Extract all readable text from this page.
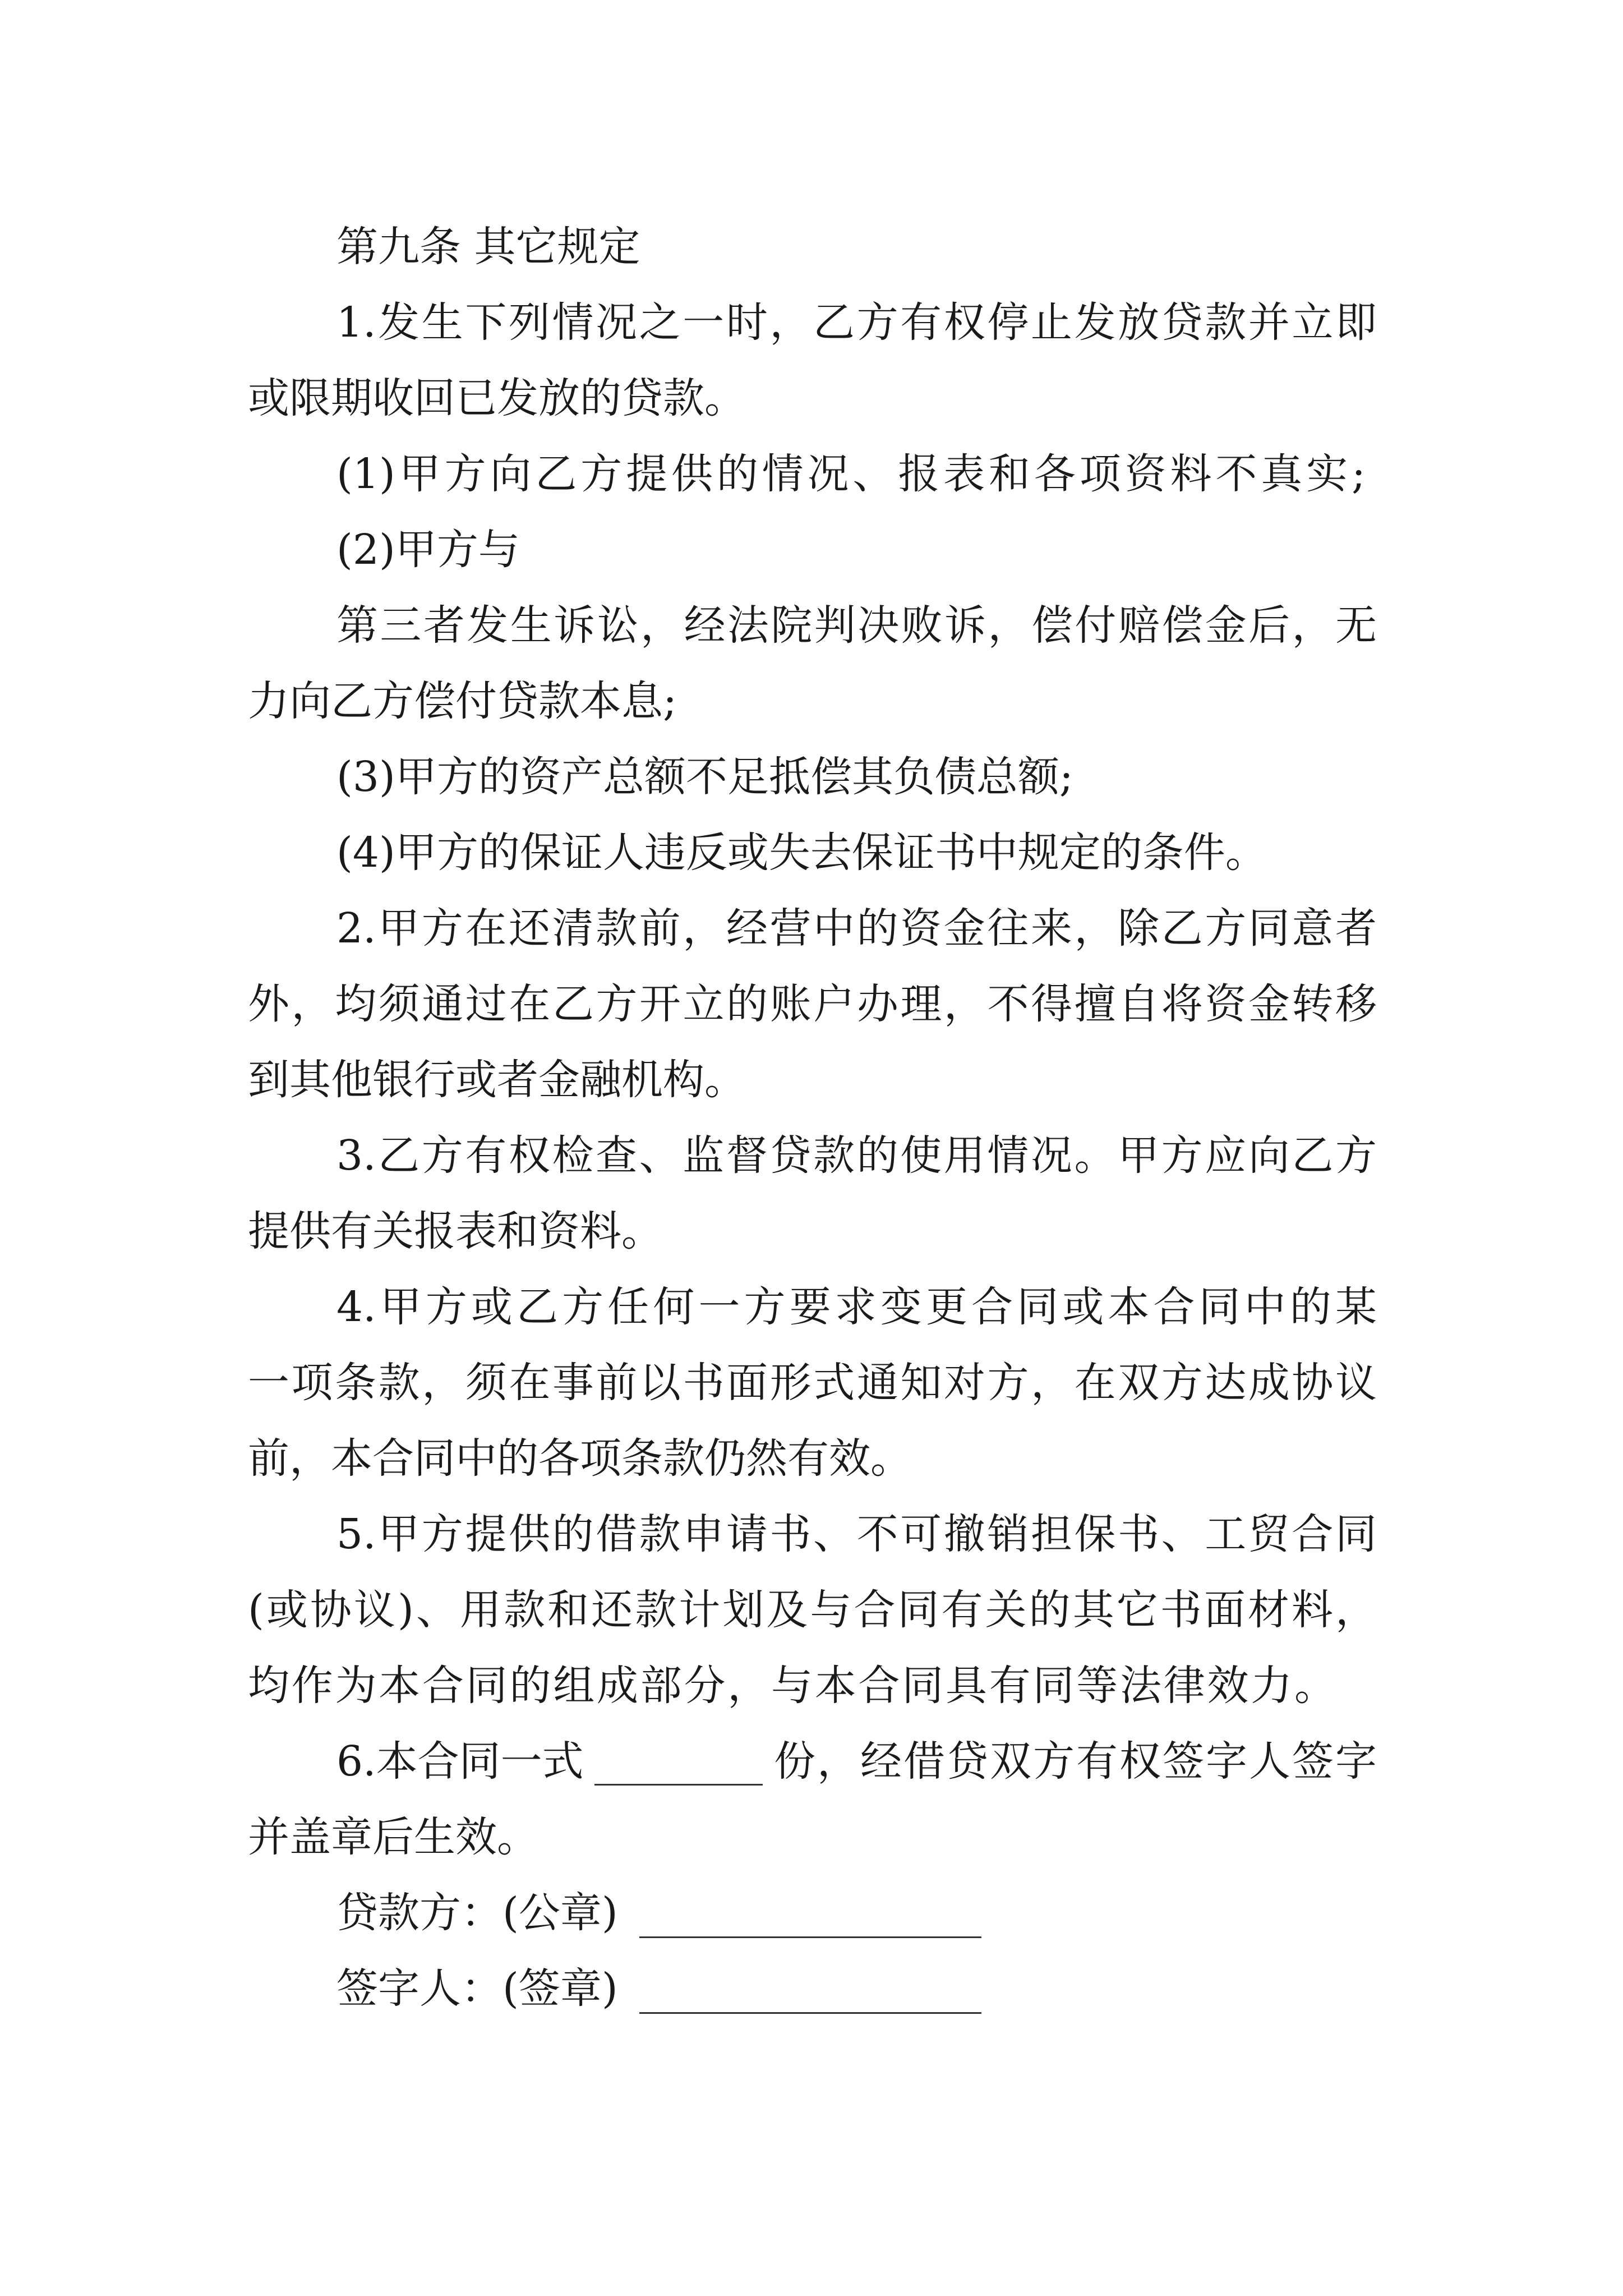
第九条 其它规定
1.发生下列情况之一时，乙方有权停止发放贷款并立即
或限期收回已发放的贷款。
(1)甲方向乙方提供的情况、报表和各项资料不真实;
(2)甲方与
第三者发生诉讼，经法院判决败诉，偿付赔偿金后，无
力向乙方偿付贷款本息;
(3)甲方的资产总额不足抵偿其负债总额;
(4)甲方的保证人违反或失去保证书中规定的条件。
2.甲方在还清款前，经营中的资金往来，除乙方同意者
外，均须通过在乙方开立的账户办理，不得擅自将资金转移
到其他银行或者金融机构。
3.乙方有权检查、监督贷款的使用情况。甲方应向乙方
提供有关报表和资料。
4.甲方或乙方任何一方要求变更合同或本合同中的某
一项条款，须在事前以书面形式通知对方，在双方达成协议
前，本合同中的各项条款仍然有效。
5.甲方提供的借款申请书、不可撤销担保书、工贸合同
(或协议)、用款和还款计划及与合同有关的其它书面材料，
均作为本合同的组成部分，与本合同具有同等法律效力。
6.本合同一式	份，经借贷双方有权签字人签字
并盖章后生效。
贷款方：(公章)
签字人：(签章)
